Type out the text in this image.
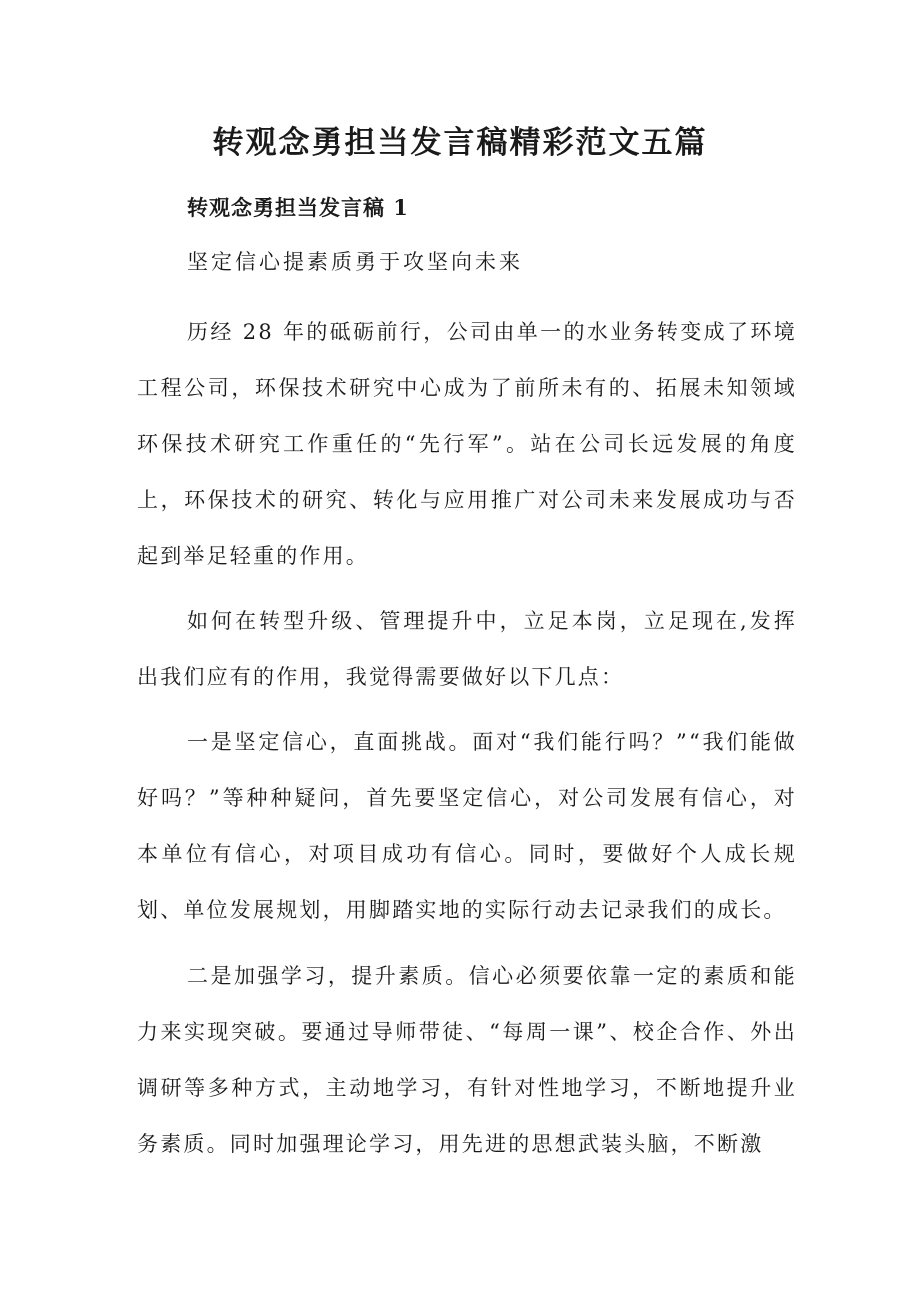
转观念勇担当发言稿精彩范文五篇
转观念勇担当发言稿 1

坚定信心提素质勇于攻坚向未来

历经 28 年的砥砺前行，公司由单一的水业务转变成了环境工程公司，环保技术研究中心成为了前所未有的、拓展未知领域环保技术研究工作重任的“先行军”。站在公司长远发展的角度上，环保技术的研究、转化与应用推广对公司未来发展成功与否起到举足轻重的作用。

如何在转型升级、管理提升中，立足本岗，立足现在,发挥出我们应有的作用，我觉得需要做好以下几点：

一是坚定信心，直面挑战。面对“我们能行吗？”“我们能做好吗？”等种种疑问，首先要坚定信心，对公司发展有信心，对本单位有信心，对项目成功有信心。同时，要做好个人成长规划、单位发展规划，用脚踏实地的实际行动去记录我们的成长。

二是加强学习，提升素质。信心必须要依靠一定的素质和能力来实现突破。要通过导师带徒、“每周一课”、校企合作、外出调研等多种方式，主动地学习，有针对性地学习，不断地提升业务素质。同时加强理论学习，用先进的思想武装头脑，不断激
